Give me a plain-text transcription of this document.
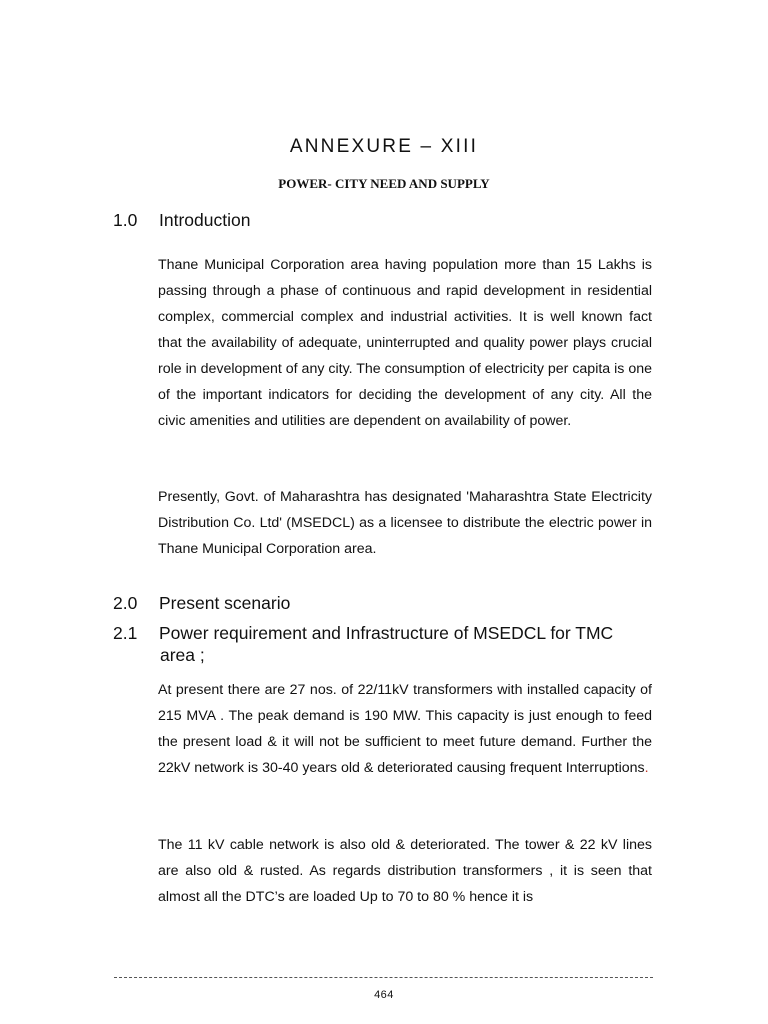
ANNEXURE – XIII
POWER- CITY NEED AND SUPPLY
1.0 Introduction

Thane Municipal Corporation area having population more than 15 Lakhs is passing through a phase of continuous and rapid development in residential complex, commercial complex and industrial activities. It is well known fact that the availability of adequate, uninterrupted and quality power plays crucial role in development of any city. The consumption of electricity per capita is one of the important indicators for deciding the development of any city. All the civic amenities and utilities are dependent on availability of power.

Presently, Govt. of Maharashtra has designated 'Maharashtra State Electricity Distribution Co. Ltd' (MSEDCL) as a licensee to distribute the electric power in Thane Municipal Corporation area.

2.0 Present scenario
2.1 Power requirement and Infrastructure of MSEDCL for TMC
area ;

At present there are 27 nos. of 22/11kV transformers with installed capacity of 215 MVA . The peak demand is 190 MW. This capacity is just enough to feed the present load & it will not be sufficient to meet future demand. Further the 22kV network is 30-40 years old & deteriorated causing frequent Interruptions.

The 11 kV cable network is also old & deteriorated. The tower & 22 kV lines are also old & rusted. As regards distribution transformers , it is seen that almost all the DTC’s are loaded Up to 70 to 80 % hence it is

464
